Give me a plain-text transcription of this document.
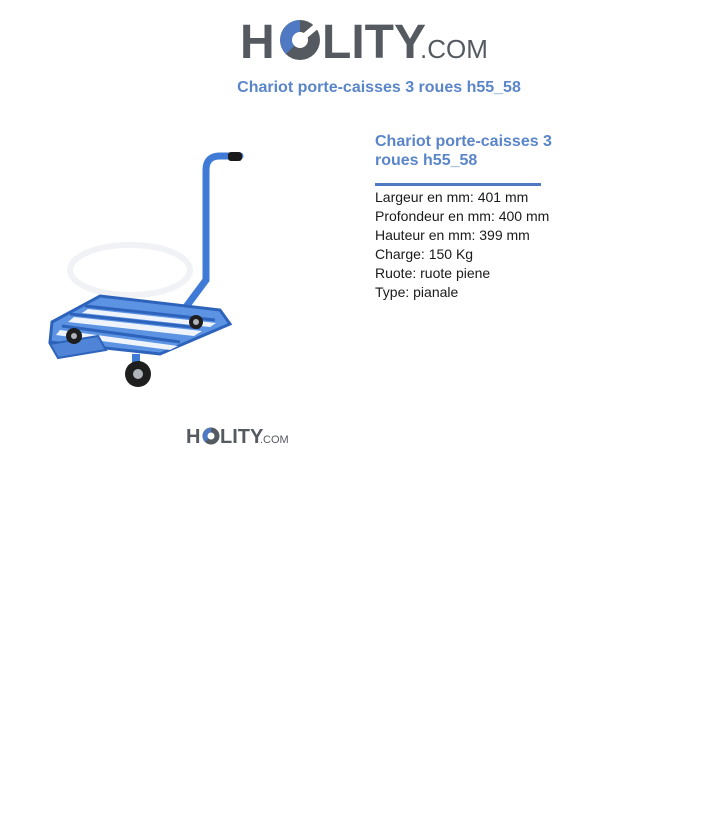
H LITY
.COM
Chariot porte-caisses 3 roues h55_58
H LITY
.COM
Chariot porte-caisses 3
roues h55_58
Largeur en mm: 401 mm
Profondeur en mm: 400 mm
Hauteur en mm: 399 mm
Charge: 150 Kg
Ruote: ruote piene
Type: pianale
